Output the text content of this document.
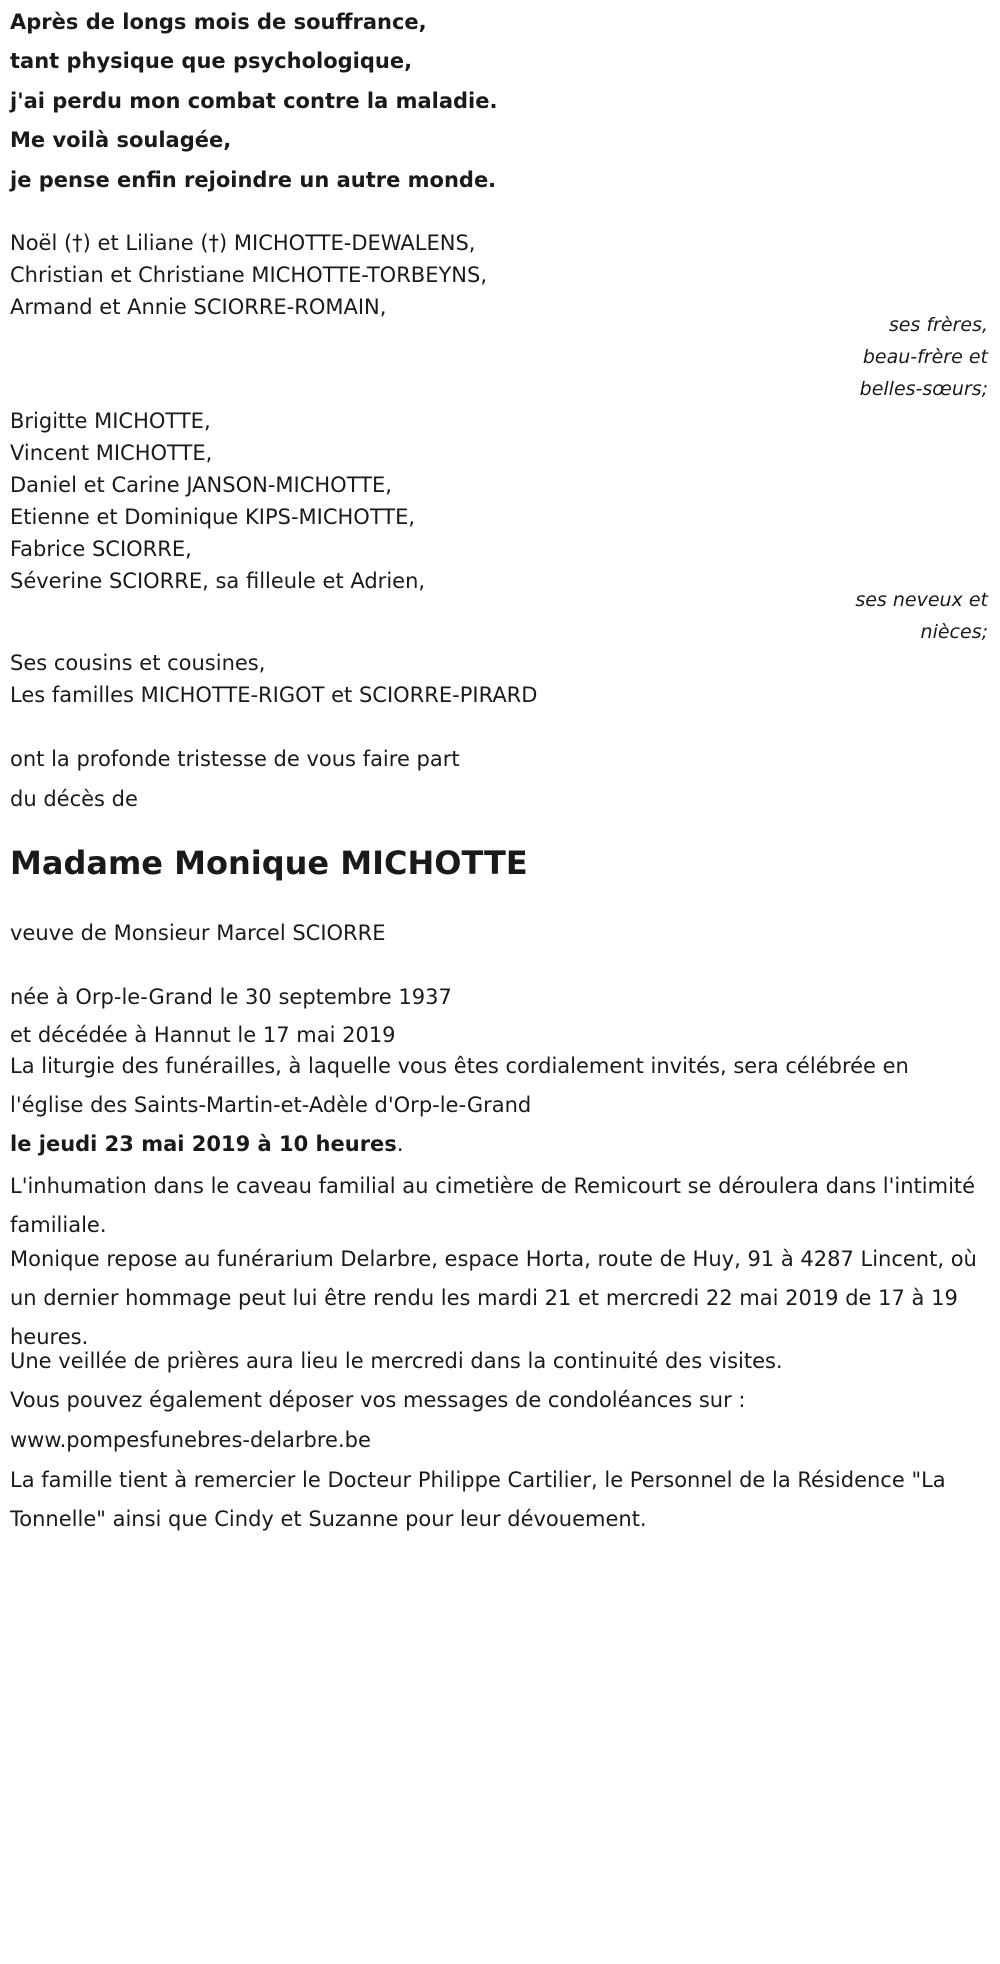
Après de longs mois de souffrance,
tant physique que psychologique,
j'ai perdu mon combat contre la maladie.
Me voilà soulagée,
je pense enfin rejoindre un autre monde.
Noël (†) et Liliane (†) MICHOTTE-DEWALENS,
Christian et Christiane MICHOTTE-TORBEYNS,
Armand et Annie SCIORRE-ROMAIN,
ses frères,
beau-frère et
belles-sœurs;
Brigitte MICHOTTE,
Vincent MICHOTTE,
Daniel et Carine JANSON-MICHOTTE,
Etienne et Dominique KIPS-MICHOTTE,
Fabrice SCIORRE,
Séverine SCIORRE, sa filleule et Adrien,
ses neveux et
nièces;
Ses cousins et cousines,
Les familles MICHOTTE-RIGOT et SCIORRE-PIRARD
ont la profonde tristesse de vous faire part
du décès de
Madame Monique MICHOTTE
veuve de Monsieur Marcel SCIORRE
née à Orp-le-Grand le 30 septembre 1937
et décédée à Hannut le 17 mai 2019
La liturgie des funérailles, à laquelle vous êtes cordialement invités, sera célébrée en l'église des Saints-Martin-et-Adèle d'Orp-le-Grand
le jeudi 23 mai 2019 à 10 heures.
L'inhumation dans le caveau familial au cimetière de Remicourt se déroulera dans l'intimité familiale.
Monique repose au funérarium Delarbre, espace Horta, route de Huy, 91 à 4287 Lincent, où un dernier hommage peut lui être rendu les mardi 21 et mercredi 22 mai 2019 de 17 à 19 heures.
Une veillée de prières aura lieu le mercredi dans la continuité des visites.
Vous pouvez également déposer vos messages de condoléances sur :
www.pompesfunebres-delarbre.be
La famille tient à remercier le Docteur Philippe Cartilier, le Personnel de la Résidence "La Tonnelle" ainsi que Cindy et Suzanne pour leur dévouement.
